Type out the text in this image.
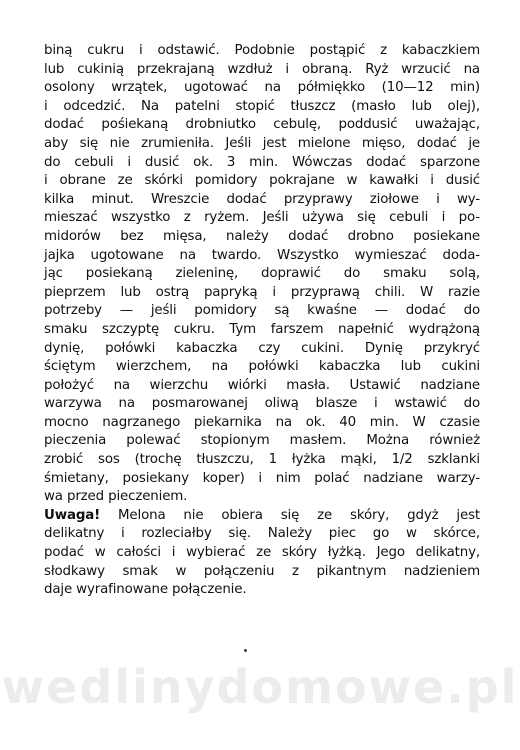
biną cukru i odstawić. Podobnie postąpić z kabaczkiem
lub cukinią przekrajaną wzdłuż i obraną. Ryż wrzucić na
osolony wrzątek, ugotować na półmiękko (10—12 min)
i odcedzić. Na patelni stopić tłuszcz (masło lub olej),
dodać pośiekaną drobniutko cebulę, poddusić uważając,
aby się nie zrumieniła. Jeśli jest mielone mięso, dodać je
do cebuli i dusić ok. 3 min. Wówczas dodać sparzone
i obrane ze skórki pomidory pokrajane w kawałki i dusić
kilka minut. Wreszcie dodać przyprawy ziołowe i wy-
mieszać wszystko z ryżem. Jeśli używa się cebuli i po-
midorów bez mięsa, należy dodać drobno posiekane
jajka ugotowane na twardo. Wszystko wymieszać doda-
jąc posiekaną zieleninę, doprawić do smaku solą,
pieprzem lub ostrą papryką i przyprawą chili. W razie
potrzeby — jeśli pomidory są kwaśne — dodać do
smaku szczyptę cukru. Tym farszem napełnić wydrążoną
dynię, połówki kabaczka czy cukini. Dynię przykryć
ściętym wierzchem, na połówki kabaczka lub cukini
położyć na wierzchu wiórki masła. Ustawić nadziane
warzywa na posmarowanej oliwą blasze i wstawić do
mocno nagrzanego piekarnika na ok. 40 min. W czasie
pieczenia polewać stopionym masłem. Można również
zrobić sos (trochę tłuszczu, 1 łyżka mąki, 1/2 szklanki
śmietany, posiekany koper) i nim polać nadziane warzy-
wa przed pieczeniem.
Uwaga! Melona nie obiera się ze skóry, gdyż jest
delikatny i rozleciałby się. Należy piec go w skórce,
podać w całości i wybierać ze skóry łyżką. Jego delikatny,
słodkawy smak w połączeniu z pikantnym nadzieniem
daje wyrafinowane połączenie.
wedlinydomowe.pl
